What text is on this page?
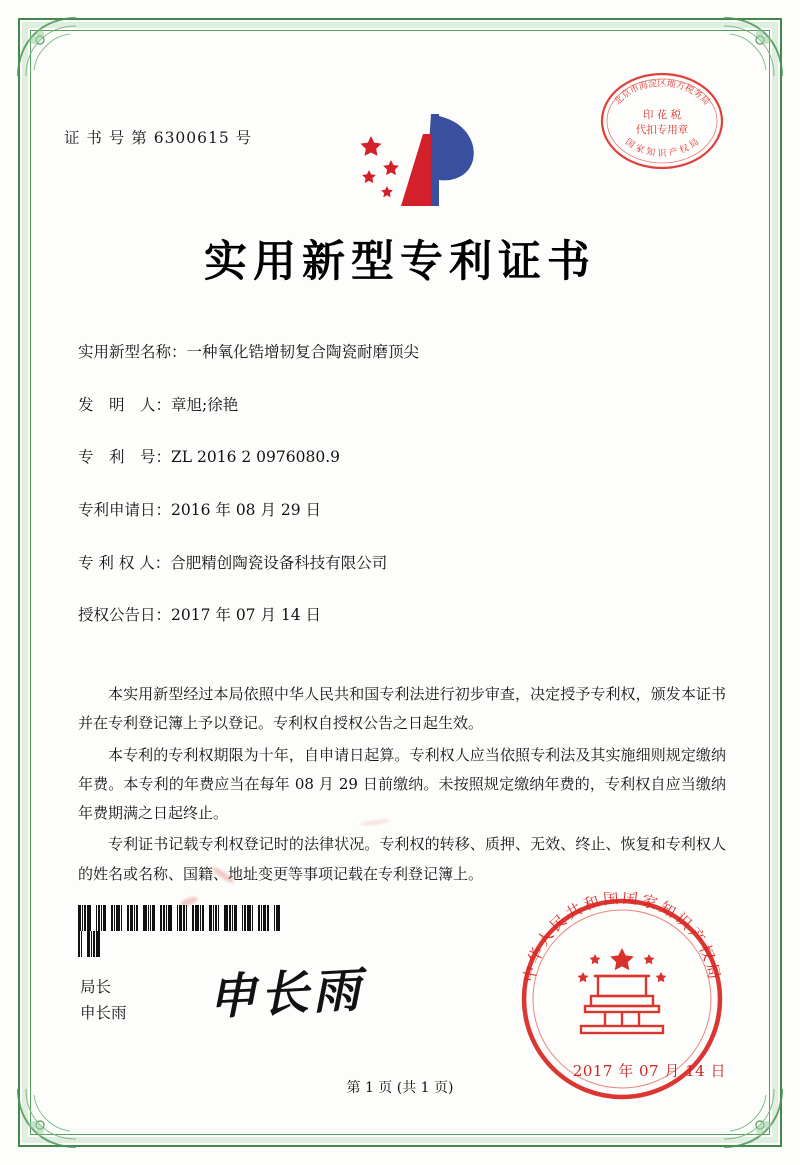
证 书 号 第 6300615 号
北京市海淀区地方税务局
国 家 知 识 产 权 局
印 花 税
代扣专用章
实用新型专利证书
实用新型名称：一种氧化锆增韧复合陶瓷耐磨顶尖
发　明　人：章旭;徐艳
专　利　号：ZL 2016 2 0976080.9
专利申请日：2016 年 08 月 29 日
专 利 权 人：合肥精创陶瓷设备科技有限公司
授权公告日：2017 年 07 月 14 日

本实用新型经过本局依照中华人民共和国专利法进行初步审查，决定授予专利权，颁发本证书并在专利登记簿上予以登记。专利权自授权公告之日起生效。

本专利的专利权期限为十年，自申请日起算。专利权人应当依照专利法及其实施细则规定缴纳年费。本专利的年费应当在每年 08 月 29 日前缴纳。未按照规定缴纳年费的，专利权自应当缴纳年费期满之日起终止。

专利证书记载专利权登记时的法律状况。专利权的转移、质押、无效、终止、恢复和专利权人的姓名或名称、国籍、地址变更等事项记载在专利登记簿上。

局长
申长雨 申长雨	中华人民共和国国家知识产权局
2017 年 07 月 14 日
第 1 页 (共 1 页)
